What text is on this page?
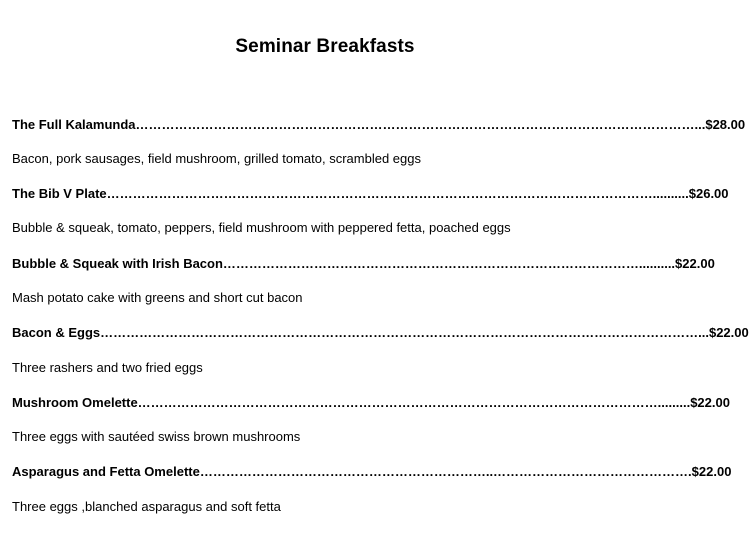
Seminar Breakfasts
The Full Kalamunda…………………………………………………………………………………………………………………...$28.00
Bacon, pork sausages, field mushroom, grilled tomato, scrambled eggs
The Bib V Plate………………………………………………………………………………………………………………..........$26.00
Bubble & squeak, tomato, peppers, field mushroom with peppered fetta, poached eggs
Bubble & Squeak with Irish Bacon……………………………………………………………………………………..........$22.00
Mash potato cake with greens and short cut bacon
Bacon & Eggs…………………………………………………………………………………………………………………………...$22.00
Three rashers and two fried eggs
Mushroom Omelette………………………………………………………………………………………………………….........$22.00
Three eggs with sautéed swiss brown mushrooms
Asparagus and Fetta Omelette…………………………………………………………..……………………………………….$22.00
Three eggs ,blanched asparagus and soft fetta
